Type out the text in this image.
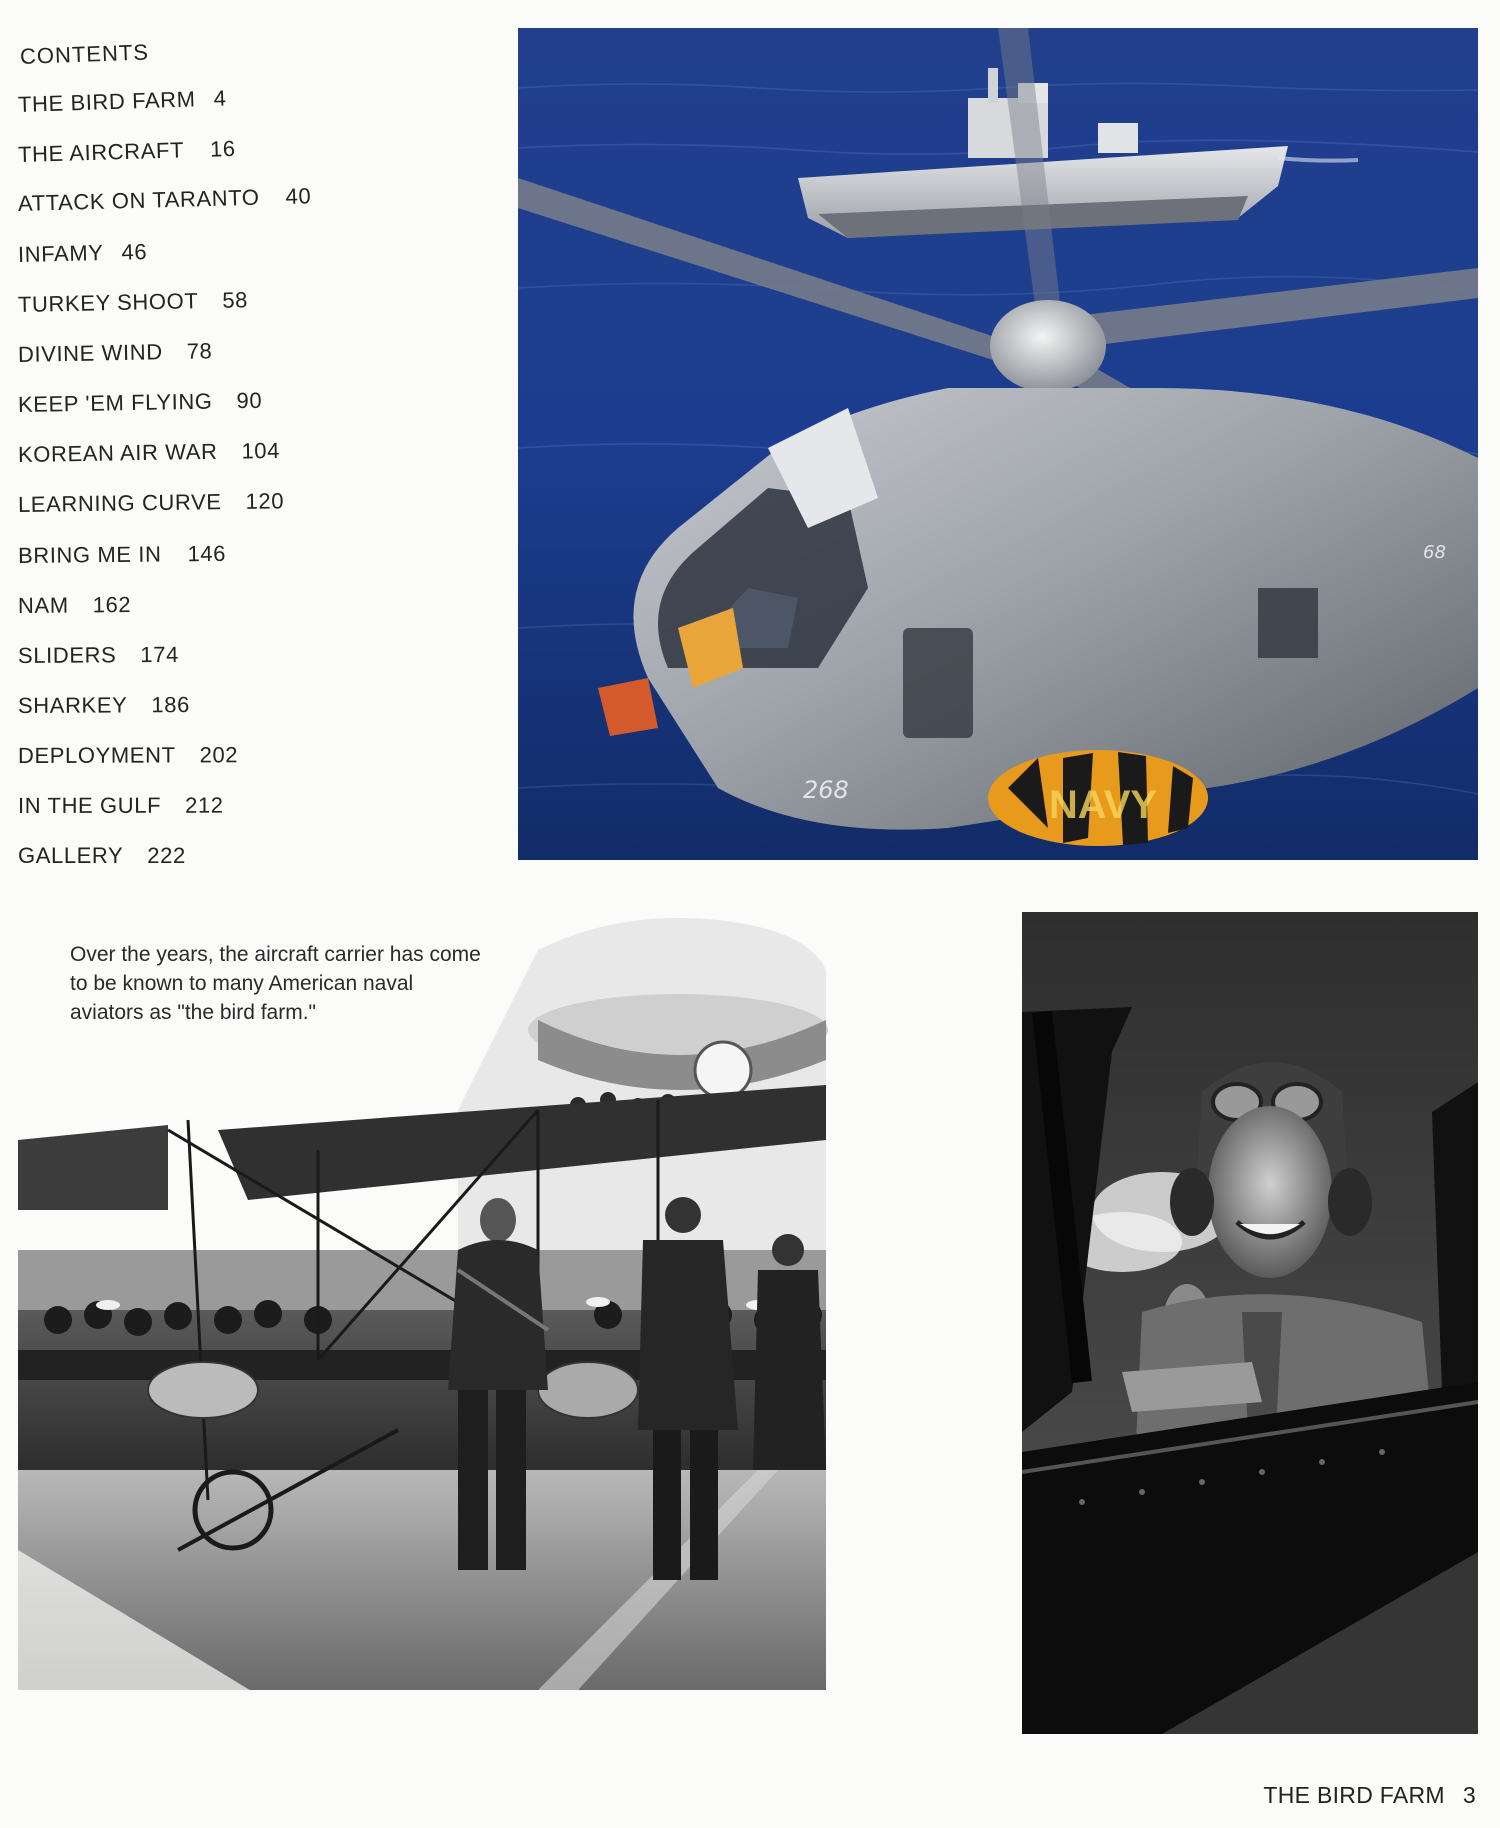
CONTENTS
THE BIRD FARM 4
THE AIRCRAFT 16
ATTACK ON TARANTO 40
INFAMY 46
TURKEY SHOOT 58
DIVINE WIND 78
KEEP 'EM FLYING 90
KOREAN AIR WAR 104
LEARNING CURVE 120
BRING ME IN 146
NAM 162
SLIDERS 174
SHARKEY 186
DEPLOYMENT 202
IN THE GULF 212
GALLERY 222
NAVY
268
68
Over the years, the aircraft carrier has come to be known to many American naval aviators as "the bird farm."
THE BIRD FARM 3
